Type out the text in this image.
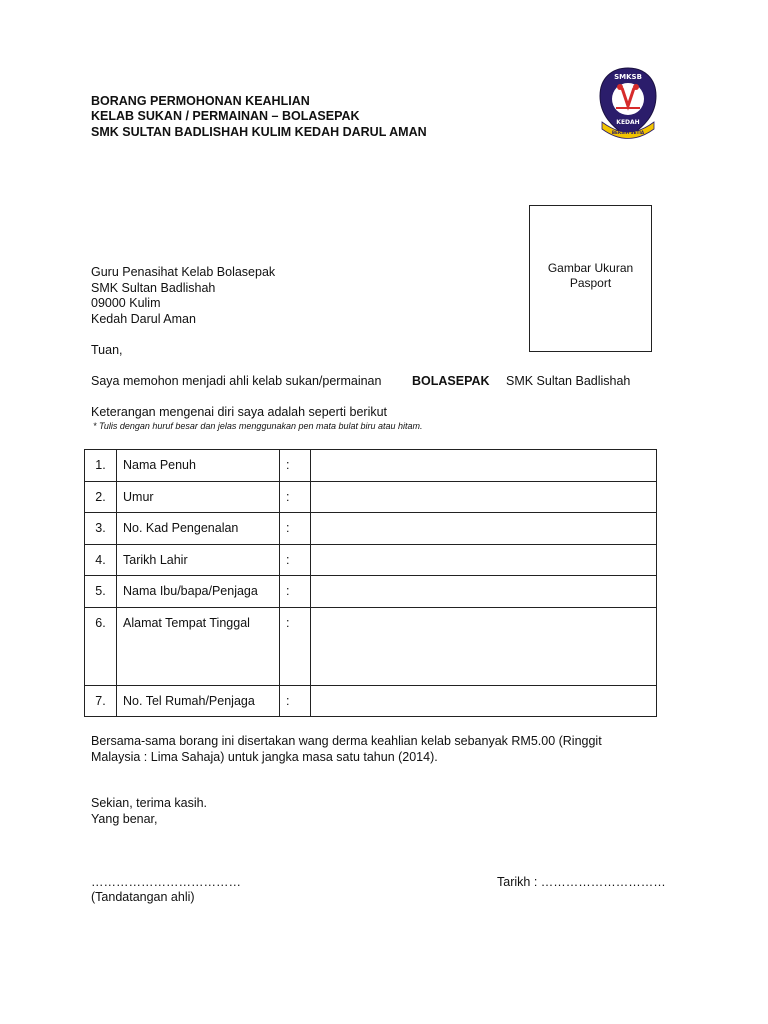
BORANG PERMOHONAN KEAHLIAN
KELAB SUKAN / PERMAINAN – BOLASEPAK
SMK SULTAN BADLISHAH KULIM KEDAH DARUL AMAN
SMKSB
KEDAH
BERSIH SETIA
Gambar Ukuran
Pasport
Guru Penasihat Kelab Bolasepak
SMK Sultan Badlishah
09000 Kulim
Kedah Darul Aman
Tuan,
Saya memohon menjadi ahli kelab sukan/permainan BOLASEPAK SMK Sultan Badlishah
Keterangan mengenai diri saya adalah seperti berikut
* Tulis dengan huruf besar dan jelas menggunakan pen mata bulat biru atau hitam.
1.	Nama Penuh	:	
2.	Umur	:	
3.	No. Kad Pengenalan	:	
4.	Tarikh Lahir	:	
5.	Nama Ibu/bapa/Penjaga	:	
6.	Alamat Tempat Tinggal	:	
7.	No. Tel Rumah/Penjaga	:	
Bersama-sama borang ini disertakan wang derma keahlian kelab sebanyak RM5.00 (Ringgit
Malaysia : Lima Sahaja) untuk jangka masa satu tahun (2014).
Sekian, terima kasih.
Yang benar,
………………………………
(Tandatangan ahli)
Tarikh : …………………………
